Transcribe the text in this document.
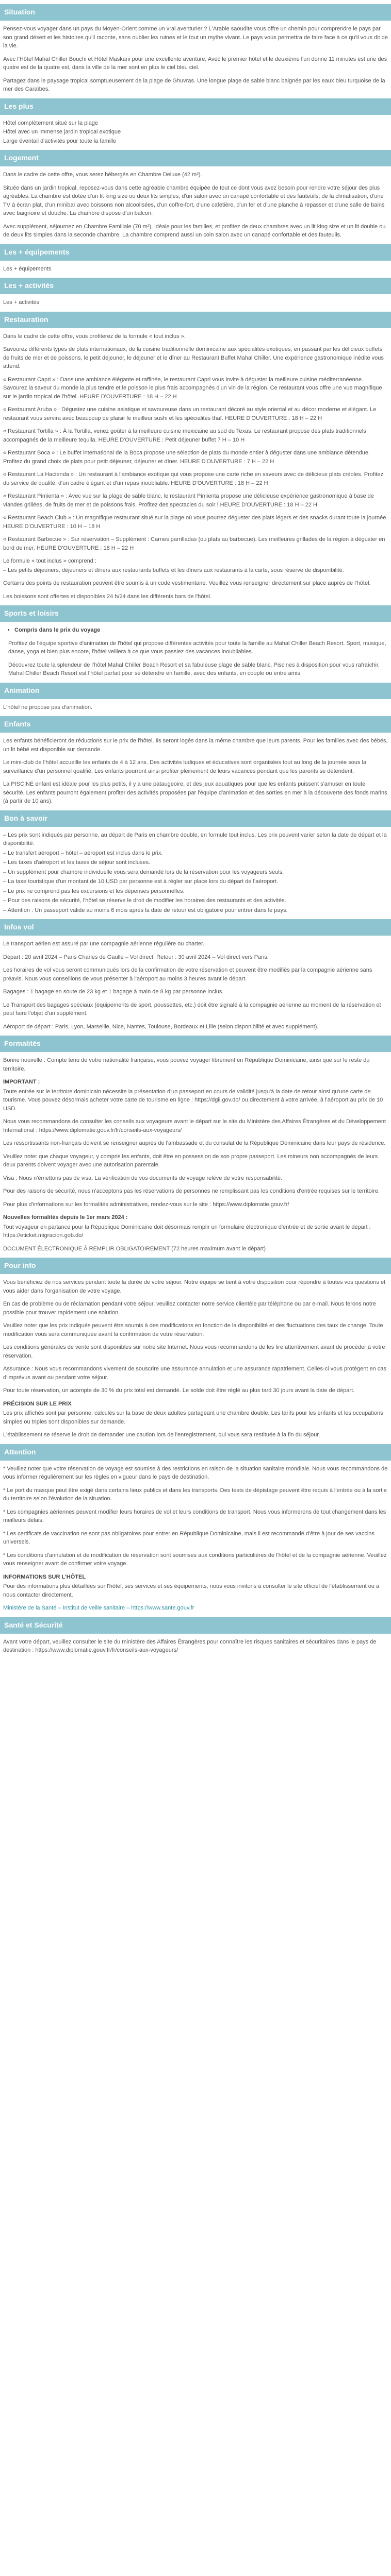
Situation

Pensez-vous voyager dans un pays du Moyen-Orient comme un vrai aventurier ? L'Arabie saoudite vous offre un chemin pour comprendre le pays par son grand désert et les histoires qu'il raconte, sans oublier les ruines et le tout un mythe vivant. Le pays vous permettra de faire face à ce qu'il vous dit de la vie.

Avec l'Hôtel Mahal Chiller Bouchi et Hôtel Maskani pour une excellente aventure, Avec le premier hôtel et le deuxième l'un donne 11 minutes est une des quatre est de la quatre est, dans la ville de la mer sont en plus le ciel bleu ciel.

Partagez dans le paysage tropical somptueusement de la plage de Ghuvras. Une longue plage de sable blanc baignée par les eaux bleu turquoise de la mer des Caraïbes.

Les plus

Hôtel complètement situé sur la plage

Hôtel avec un immense jardin tropical exotique

Large éventail d'activités pour toute la famille

Logement

Dans le cadre de cette offre, vous serez hébergés en Chambre Deluxe (42 m²).

Située dans un jardin tropical, reposez-vous dans cette agréable chambre équipée de tout ce dont vous avez besoin pour rendre votre séjour des plus agréables. La chambre est dotée d'un lit king size ou deux lits simples, d'un salon avec un canapé confortable et des fauteuils, de la climatisation, d'une TV à écran plat, d'un minibar avec boissons non alcoolisées, d'un coffre-fort, d'une cafetière, d'un fer et d'une planche à repasser et d'une salle de bains avec baignoire et douche. La chambre dispose d'un balcon.

Avec supplément, séjournez en Chambre Familiale (70 m²), idéale pour les familles, et profitez de deux chambres avec un lit king size et un lit double ou de deux lits simples dans la seconde chambre. La chambre comprend aussi un coin salon avec un canapé confortable et des fauteuils.

Les + équipements

Les + équipements

Les + activités

Les + activités

Restauration

Dans le cadre de cette offre, vous profiterez de la formule « tout inclus ».

Savourez différents types de plats internationaux, de la cuisine traditionnelle dominicaine aux spécialités exotiques, en passant par les délicieux buffets de fruits de mer et de poissons, le petit déjeuner, le déjeuner et le dîner au Restaurant Buffet Mahal Chiller. Une expérience gastronomique inédite vous attend.

« Restaurant Capri » : Dans une ambiance élégante et raffinée, le restaurant Capri vous invite à déguster la meilleure cuisine méditerranéenne. Savourez la saveur du monde la plus tendre et le poisson le plus frais accompagnés d'un vin de la région. Ce restaurant vous offre une vue magnifique sur le jardin tropical de l'hôtel. HEURE D'OUVERTURE : 18 H – 22 H

« Restaurant Aruba » : Dégustez une cuisine asiatique et savoureuse dans un restaurant décoré au style oriental et au décor moderne et élégant. Le restaurant vous servira avec beaucoup de plaisir le meilleur sushi et les spécialités thaï. HEURE D'OUVERTURE : 18 H – 22 H

« Restaurant Tortilla » : À la Tortilla, venez goûter à la meilleure cuisine mexicaine au sud du Texas. Le restaurant propose des plats traditionnels accompagnés de la meilleure tequila. HEURE D'OUVERTURE : Petit déjeuner buffet 7 H – 10 H

« Restaurant Boca » : Le buffet international de la Boca propose une sélection de plats du monde entier à déguster dans une ambiance détendue. Profitez du grand choix de plats pour petit déjeuner, déjeuner et dîner. HEURE D'OUVERTURE : 7 H – 22 H

« Restaurant La Hacienda » : Un restaurant à l'ambiance exotique qui vous propose une carte riche en saveurs avec de délicieux plats créoles. Profitez du service de qualité, d'un cadre élégant et d'un repas inoubliable. HEURE D'OUVERTURE : 18 H – 22 H

« Restaurant Pimienta » : Avec vue sur la plage de sable blanc, le restaurant Pimienta propose une délicieuse expérience gastronomique à base de viandes grillées, de fruits de mer et de poissons frais. Profitez des spectacles du soir ! HEURE D'OUVERTURE : 18 H – 22 H

« Restaurant Beach Club » : Un magnifique restaurant situé sur la plage où vous pourrez déguster des plats légers et des snacks durant toute la journée. HEURE D'OUVERTURE : 10 H – 18 H

« Restaurant Barbecue » : Sur réservation – Supplément : Carnes parrilladas (ou plats au barbecue). Les meilleures grillades de la région à déguster en bord de mer. HEURE D'OUVERTURE : 18 H – 22 H

Le formule « tout inclus » comprend :

– Les petits déjeuners, déjeuners et dîners aux restaurants buffets et les dîners aux restaurants à la carte, sous réserve de disponibilité.

Certains des points de restauration peuvent être soumis à un code vestimentaire. Veuillez vous renseigner directement sur place auprès de l'hôtel.

Les boissons sont offertes et disponibles 24 h/24 dans les différents bars de l'hôtel.

Sports et loisirs
• Compris dans le prix du voyage

Profitez de l'équipe sportive d'animation de l'hôtel qui propose différentes activités pour toute la famille au Mahal Chiller Beach Resort. Sport, musique, danse, yoga et bien plus encore, l'hôtel veillera à ce que vous passiez des vacances inoubliables.

Découvrez toute la splendeur de l'hôtel Mahal Chiller Beach Resort et sa fabuleuse plage de sable blanc. Piscines à disposition pour vous rafraîchir. Mahal Chiller Beach Resort est l'hôtel parfait pour se détendre en famille, avec des enfants, en couple ou entre amis.

Animation

L'hôtel ne propose pas d'animation.

Enfants

Les enfants bénéficieront de réductions sur le prix de l'hôtel. Ils seront logés dans la même chambre que leurs parents. Pour les familles avec des bébés, un lit bébé est disponible sur demande.

Le mini-club de l'hôtel accueille les enfants de 4 à 12 ans. Des activités ludiques et éducatives sont organisées tout au long de la journée sous la surveillance d'un personnel qualifié. Les enfants pourront ainsi profiter pleinement de leurs vacances pendant que les parents se détendent.

La PISCINE enfant est idéale pour les plus petits, il y a une pataugeoire, et des jeux aquatiques pour que les enfants puissent s'amuser en toute sécurité. Les enfants pourront également profiter des activités proposées par l'équipe d'animation et des sorties en mer à la découverte des fonds marins (à partir de 10 ans).

Bon à savoir

– Les prix sont indiqués par personne, au départ de Paris en chambre double, en formule tout inclus. Les prix peuvent varier selon la date de départ et la disponibilité.

– Le transfert aéroport – hôtel – aéroport est inclus dans le prix.

– Les taxes d'aéroport et les taxes de séjour sont incluses.

– Un supplément pour chambre individuelle vous sera demandé lors de la réservation pour les voyageurs seuls.

– La taxe touristique d'un montant de 10 USD par personne est à régler sur place lors du départ de l'aéroport.

– Le prix ne comprend pas les excursions et les dépenses personnelles.

– Pour des raisons de sécurité, l'hôtel se réserve le droit de modifier les horaires des restaurants et des activités.

– Attention : Un passeport valide au moins 6 mois après la date de retour est obligatoire pour entrer dans le pays.

Infos vol

Le transport aérien est assuré par une compagnie aérienne régulière ou charter.

Départ : 20 avril 2024 – Paris Charles de Gaulle – Vol direct. Retour : 30 avril 2024 – Vol direct vers Paris.

Les horaires de vol vous seront communiqués lors de la confirmation de votre réservation et peuvent être modifiés par la compagnie aérienne sans préavis. Nous vous conseillons de vous présenter à l'aéroport au moins 3 heures avant le départ.

Bagages : 1 bagage en soute de 23 kg et 1 bagage à main de 8 kg par personne inclus.

Le Transport des bagages spéciaux (équipements de sport, poussettes, etc.) doit être signalé à la compagnie aérienne au moment de la réservation et peut faire l'objet d'un supplément.

Aéroport de départ : Paris, Lyon, Marseille, Nice, Nantes, Toulouse, Bordeaux et Lille (selon disponibilité et avec supplément).

Formalités

Bonne nouvelle : Compte tenu de votre nationalité française, vous pouvez voyager librement en République Dominicaine, ainsi que sur le reste du territoire.

IMPORTANT :

Toute entrée sur le territoire dominicain nécessite la présentation d'un passeport en cours de validité jusqu'à la date de retour ainsi qu'une carte de tourisme. Vous pouvez désormais acheter votre carte de tourisme en ligne : https://dgii.gov.do/ ou directement à votre arrivée, à l'aéroport au prix de 10 USD.

Nous vous recommandons de consulter les conseils aux voyageurs avant le départ sur le site du Ministère des Affaires Étrangères et du Développement International : https://www.diplomatie.gouv.fr/fr/conseils-aux-voyageurs/

Les ressortissants non-français doivent se renseigner auprès de l'ambassade et du consulat de la République Dominicaine dans leur pays de résidence.

Veuillez noter que chaque voyageur, y compris les enfants, doit être en possession de son propre passeport. Les mineurs non accompagnés de leurs deux parents doivent voyager avec une autorisation parentale.

Visa : Nous n'émettons pas de visa. La vérification de vos documents de voyage relève de votre responsabilité.

Pour des raisons de sécurité, nous n'acceptons pas les réservations de personnes ne remplissant pas les conditions d'entrée requises sur le territoire.

Pour plus d'informations sur les formalités administratives, rendez-vous sur le site : https://www.diplomatie.gouv.fr/

Nouvelles formalités depuis le 1er mars 2024 :

Tout voyageur en partance pour la République Dominicaine doit désormais remplir un formulaire électronique d'entrée et de sortie avant le départ : https://eticket.migracion.gob.do/

DOCUMENT ÉLECTRONIQUE À REMPLIR OBLIGATOIREMENT (72 heures maximum avant le départ)

Pour info

Vous bénéficiez de nos services pendant toute la durée de votre séjour. Notre équipe se tient à votre disposition pour répondre à toutes vos questions et vous aider dans l'organisation de votre voyage.

En cas de problème ou de réclamation pendant votre séjour, veuillez contacter notre service clientèle par téléphone ou par e-mail. Nous ferons notre possible pour trouver rapidement une solution.

Veuillez noter que les prix indiqués peuvent être soumis à des modifications en fonction de la disponibilité et des fluctuations des taux de change. Toute modification vous sera communiquée avant la confirmation de votre réservation.

Les conditions générales de vente sont disponibles sur notre site Internet. Nous vous recommandons de les lire attentivement avant de procéder à votre réservation.

Assurance : Nous vous recommandons vivement de souscrire une assurance annulation et une assurance rapatriement. Celles-ci vous protègent en cas d'imprévus avant ou pendant votre séjour.

Pour toute réservation, un acompte de 30 % du prix total est demandé. Le solde doit être réglé au plus tard 30 jours avant la date de départ.

PRÉCISION SUR LE PRIX

Les prix affichés sont par personne, calculés sur la base de deux adultes partageant une chambre double. Les tarifs pour les enfants et les occupations simples ou triples sont disponibles sur demande.

L'établissement se réserve le droit de demander une caution lors de l'enregistrement, qui vous sera restituée à la fin du séjour.

Attention

* Veuillez noter que votre réservation de voyage est soumise à des restrictions en raison de la situation sanitaire mondiale. Nous vous recommandons de vous informer régulièrement sur les règles en vigueur dans le pays de destination.

* Le port du masque peut être exigé dans certains lieux publics et dans les transports. Des tests de dépistage peuvent être requis à l'entrée ou à la sortie du territoire selon l'évolution de la situation.

* Les compagnies aériennes peuvent modifier leurs horaires de vol et leurs conditions de transport. Nous vous informerons de tout changement dans les meilleurs délais.

* Les certificats de vaccination ne sont pas obligatoires pour entrer en République Dominicaine, mais il est recommandé d'être à jour de ses vaccins universels.

* Les conditions d'annulation et de modification de réservation sont soumises aux conditions particulières de l'hôtel et de la compagnie aérienne. Veuillez vous renseigner avant de confirmer votre voyage.

INFORMATIONS SUR L'HÔTEL

Pour des informations plus détaillées sur l'hôtel, ses services et ses équipements, nous vous invitons à consulter le site officiel de l'établissement ou à nous contacter directement.

Ministère de la Santé – Institut de veille sanitaire – https://www.sante.gouv.fr

Santé et Sécurité

Avant votre départ, veuillez consulter le site du ministère des Affaires Étrangères pour connaître les risques sanitaires et sécuritaires dans le pays de destination : https://www.diplomatie.gouv.fr/fr/conseils-aux-voyageurs/
